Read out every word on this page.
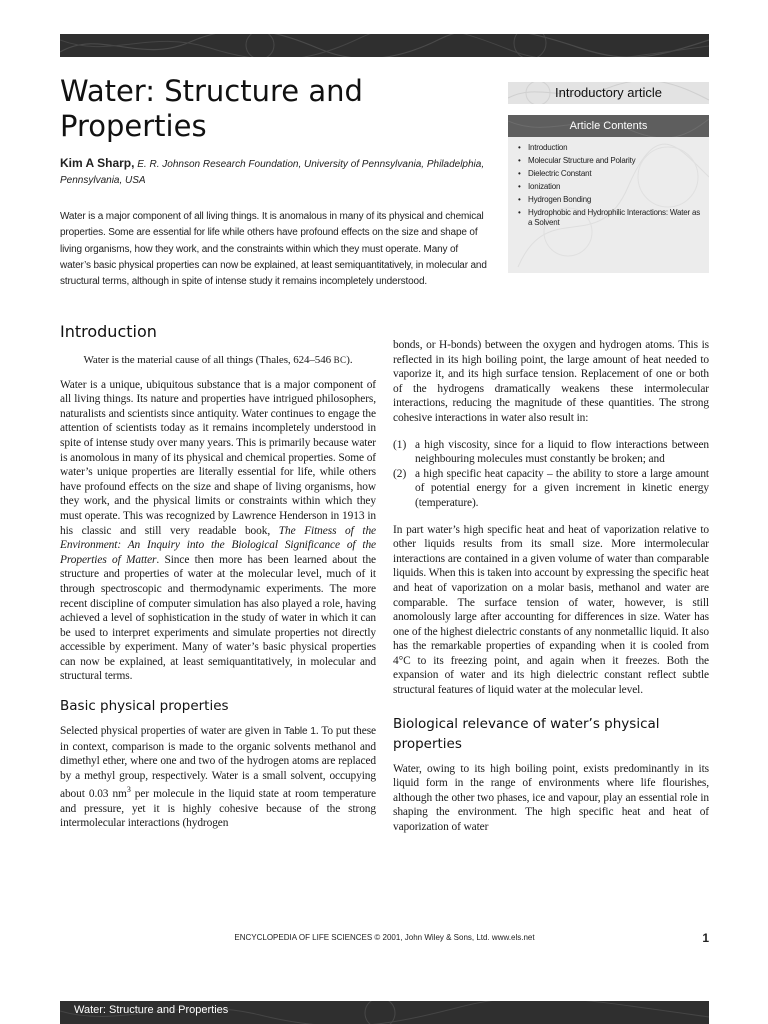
Water: Structure and Properties
Kim A Sharp, E. R. Johnson Research Foundation, University of Pennsylvania, Philadelphia, Pennsylvania, USA

Water is a major component of all living things. It is anomalous in many of its physical and chemical properties. Some are essential for life while others have profound effects on the size and shape of living organisms, how they work, and the constraints within which they must operate. Many of water’s basic physical properties can now be explained, at least semiquantitatively, in molecular and structural terms, although in spite of intense study it remains incompletely understood.

Introductory article
Article Contents
• Introduction
• Molecular Structure and Polarity
• Dielectric Constant
• Ionization
• Hydrogen Bonding
• Hydrophobic and Hydrophilic Interactions: Water as a Solvent
Introduction

Water is the material cause of all things (Thales, 624–546 BC).

Water is a unique, ubiquitous substance that is a major component of all living things. Its nature and properties have intrigued philosophers, naturalists and scientists since antiquity. Water continues to engage the attention of scientists today as it remains incompletely understood in spite of intense study over many years. This is primarily because water is anomolous in many of its physical and chemical properties. Some of water’s unique properties are literally essential for life, while others have profound effects on the size and shape of living organisms, how they work, and the physical limits or constraints within which they must operate. This was recognized by Lawrence Henderson in 1913 in his classic and still very readable book, The Fitness of the Environment: An Inquiry into the Biological Significance of the Properties of Matter. Since then more has been learned about the structure and properties of water at the molecular level, much of it through spectroscopic and thermodynamic experiments. The more recent discipline of computer simulation has also played a role, having achieved a level of sophistication in the study of water in which it can be used to interpret experiments and simulate properties not directly accessible by experiment. Many of water’s basic physical properties can now be explained, at least semiquantitatively, in molecular and structural terms.

Basic physical properties

Selected physical properties of water are given in Table 1. To put these in context, comparison is made to the organic solvents methanol and dimethyl ether, where one and two of the hydrogen atoms are replaced by a methyl group, respectively. Water is a small solvent, occupying about 0.03 $nm^3$ per molecule in the liquid state at room temperature and pressure, yet it is highly cohesive because of the strong intermolecular interactions (hydrogen

bonds, or H-bonds) between the oxygen and hydrogen atoms. This is reflected in its high boiling point, the large amount of heat needed to vaporize it, and its high surface tension. Replacement of one or both of the hydrogens dramatically weakens these intermolecular interactions, reducing the magnitude of these quantities. The strong cohesive interactions in water also result in:

(1) a high viscosity, since for a liquid to flow interactions between neighbouring molecules must constantly be broken; and
(2) a high specific heat capacity – the ability to store a large amount of potential energy for a given increment in kinetic energy (temperature).

In part water’s high specific heat and heat of vaporization relative to other liquids results from its small size. More intermolecular interactions are contained in a given volume of water than comparable liquids. When this is taken into account by expressing the specific heat and heat of vaporization on a molar basis, methanol and water are comparable. The surface tension of water, however, is still anomolously large after accounting for differences in size. Water has one of the highest dielectric constants of any nonmetallic liquid. It also has the remarkable properties of expanding when it is cooled from 4°C to its freezing point, and again when it freezes. Both the expansion of water and its high dielectric constant reflect subtle structural features of liquid water at the molecular level.

Biological relevance of water’s physical properties

Water, owing to its high boiling point, exists predominantly in its liquid form in the range of environments where life flourishes, although the other two phases, ice and vapour, play an essential role in shaping the environment. The high specific heat and heat of vaporization of water

ENCYCLOPEDIA OF LIFE SCIENCES © 2001, John Wiley & Sons, Ltd. www.els.net	1
Water: Structure and Properties
